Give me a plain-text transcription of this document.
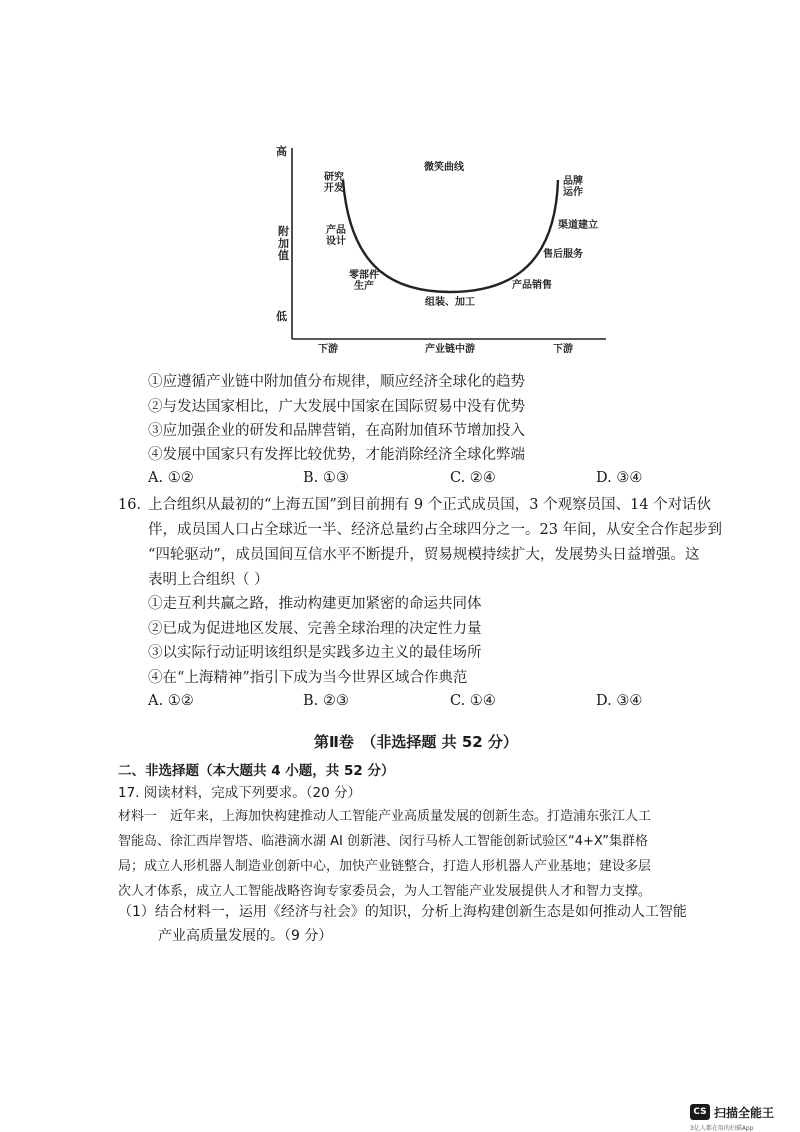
高
附加值
低
微笑曲线
研究开发
产品设计
零部件生产
组装、加工
产品销售
售后服务
渠道建立
品牌运作
下游	产业链中游	下游
①应遵循产业链中附加值分布规律，顺应经济全球化的趋势
②与发达国家相比，广大发展中国家在国际贸易中没有优势
③应加强企业的研发和品牌营销，在高附加值环节增加投入
④发展中国家只有发挥比较优势，才能消除经济全球化弊端
A. ①②	B. ①③	C. ②④	D. ③④
16. 上合组织从最初的“上海五国”到目前拥有 9 个正式成员国，3 个观察员国、14 个对话伙
伴，成员国人口占全球近一半、经济总量约占全球四分之一。23 年间，从安全合作起步到
“四轮驱动”，成员国间互信水平不断提升，贸易规模持续扩大，发展势头日益增强。这
表明上合组织（ ）
①走互利共赢之路，推动构建更加紧密的命运共同体
②已成为促进地区发展、完善全球治理的决定性力量
③以实际行动证明该组织是实践多边主义的最佳场所
④在“上海精神”指引下成为当今世界区域合作典范
A. ①②	B. ②③	C. ①④	D. ③④
第Ⅱ卷　（非选择题 共 52 分）
二、非选择题（本大题共 4 小题，共 52 分）
17. 阅读材料，完成下列要求。（20 分）
材料一　近年来，上海加快构建推动人工智能产业高质量发展的创新生态。打造浦东张江人工
智能岛、徐汇西岸智塔、临港滴水湖 AI 创新港、闵行马桥人工智能创新试验区“4+X”集群格
局；成立人形机器人制造业创新中心，加快产业链整合，打造人形机器人产业基地；建设多层
次人才体系，成立人工智能战略咨询专家委员会，为人工智能产业发展提供人才和智力支撑。
（1）结合材料一，运用《经济与社会》的知识，分析上海构建创新生态是如何推动人工智能
产业高质量发展的。（9 分）
CS 扫描全能王
3亿人都在用的扫描App
